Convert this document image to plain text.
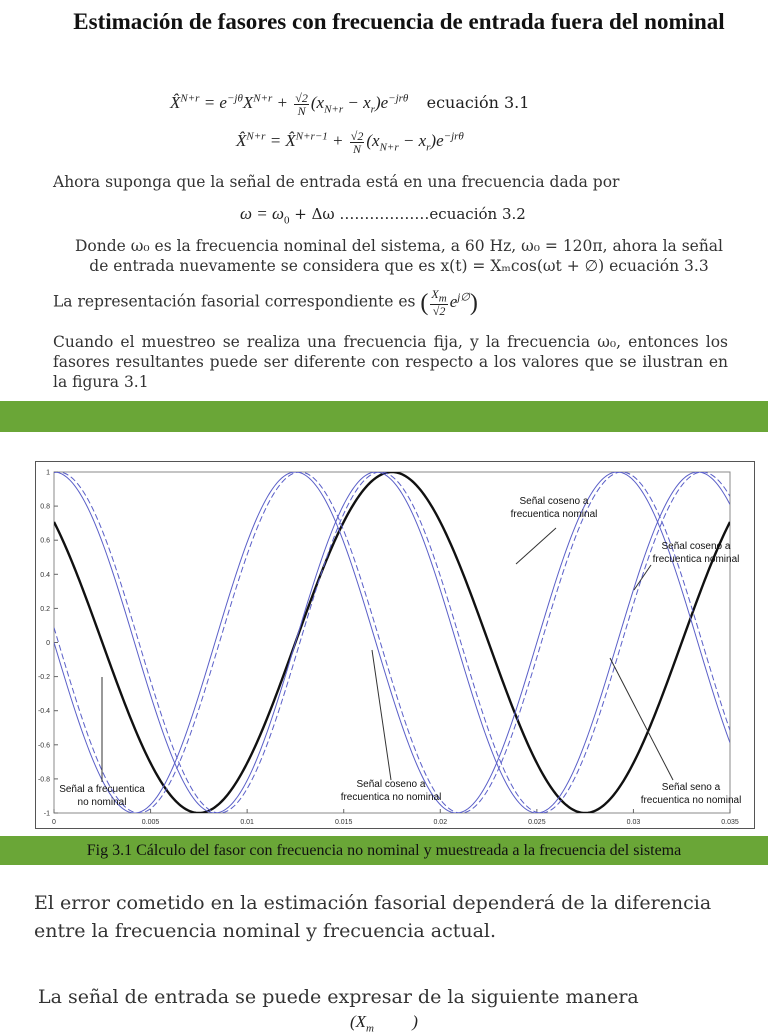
Estimación de fasores con frecuencia de entrada fuera del nominal
X̂$^{N+r}$ = $e^{-j\theta}X^{N+r} + \frac{√2}{N} (x_{N+r} - x_r)e^{-jr\theta}$ ecuación 3.1
X̂$^{N+r}$ = X̂$^{N+r-1}$ + $\frac{√2}{N} (x_{N+r} - x_r)e^{-jr\theta}$
Ahora suponga que la señal de entrada está en una frecuencia dada por
$\omega = \omega_0 + \Delta\omega$ ………………ecuación 3.2
Donde ω₀ es la frecuencia nominal del sistema, a 60 Hz, ω₀ = 120π, ahora la señal
de entrada nuevamente se considera que es x(t) = Xₘcos(ωt + ∅) ecuación 3.3
La representación fasorial correspondiente es ( $\frac{X_m}{√2} e^{j\emptyset}$)
Cuando el muestreo se realiza una frecuencia fija, y la frecuencia ω₀, entonces los fasores resultantes puede ser diferente con respecto a los valores que se ilustran en la figura 3.1
0	0.005	0.01	0.015	0.02	0.025	0.03	0.035
1
0.8
0.6
0.4
0.2
0
-0.2
-0.4
-0.6
-0.8
-1
Señal coseno a
frecuentica nominal
Señal coseno a
frecuentica nominal
Señal a frecuentica
no nominal
Señal coseno a
frecuentica no nominal
Señal seno a
frecuentica no nominal
Fig 3.1 Cálculo del fasor con frecuencia no nominal y muestreada a la frecuencia del sistema
El error cometido en la estimación fasorial dependerá de la diferencia entre la frecuencia nominal y frecuencia actual.
La señal de entrada se puede expresar de la siguiente manera
($X_m$         )
